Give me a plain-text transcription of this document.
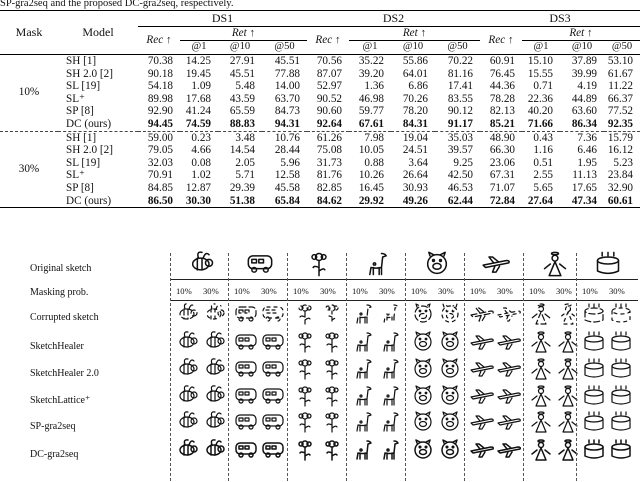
SP-gra2seq and the proposed DC-gra2seq, respectively.
Mask	Model	DS1				DS2				DS3			
		Rec ↑	Ret ↑			Rec ↑	Ret ↑			Rec ↑	Ret ↑		
			@1	@10	@50		@1	@10	@50		@1	@10	@50
10%	SH [1]	70.38	14.25	27.91	45.51	70.56	35.22	55.86	70.22	60.91	15.10	37.89	53.10
	SH 2.0 [2]	90.18	19.45	45.51	77.88	87.07	39.20	64.01	81.16	76.45	15.55	39.99	61.67
	SL [19]	54.18	1.09	5.48	14.00	52.97	1.36	6.86	17.41	44.36	0.71	4.19	11.22
	SL⁺	89.98	17.68	43.59	63.70	90.52	46.98	70.26	83.55	78.28	22.36	44.89	66.37
	SP [8]	92.90	41.24	65.59	84.73	90.60	59.77	78.20	90.12	82.13	40.20	63.60	77.52
	DC (ours)	94.45	74.59	88.83	94.31	92.64	67.61	84.31	91.17	85.21	71.66	86.34	92.35
30%	SH [1]	59.00	0.23	3.48	10.76	61.26	7.98	19.04	35.03	48.90	0.43	7.36	15.79
	SH 2.0 [2]	79.05	4.66	14.54	28.44	75.08	10.05	24.51	39.57	66.30	1.16	6.46	16.12
	SL [19]	32.03	0.08	2.05	5.96	31.73	0.88	3.64	9.25	23.06	0.51	1.95	5.23
	SL⁺	70.91	1.02	5.71	12.58	81.76	10.26	26.64	42.50	67.31	2.55	11.13	23.84
	SP [8]	84.85	12.87	29.39	45.58	82.85	16.45	30.93	46.53	71.07	5.65	17.65	32.90
	DC (ours)	86.50	30.30	51.38	65.84	84.62	29.92	49.26	62.44	72.84	27.64	47.34	60.61
Original sketch
Masking prob.
Corrupted sketch
SketchHealer
SketchHealer 2.0
SketchLattice⁺
SP-gra2seq
DC-gra2seq
10% 30% 10% 30% 10% 30% 10% 30% 10% 30% 10% 30% 10% 30% 10% 30%
